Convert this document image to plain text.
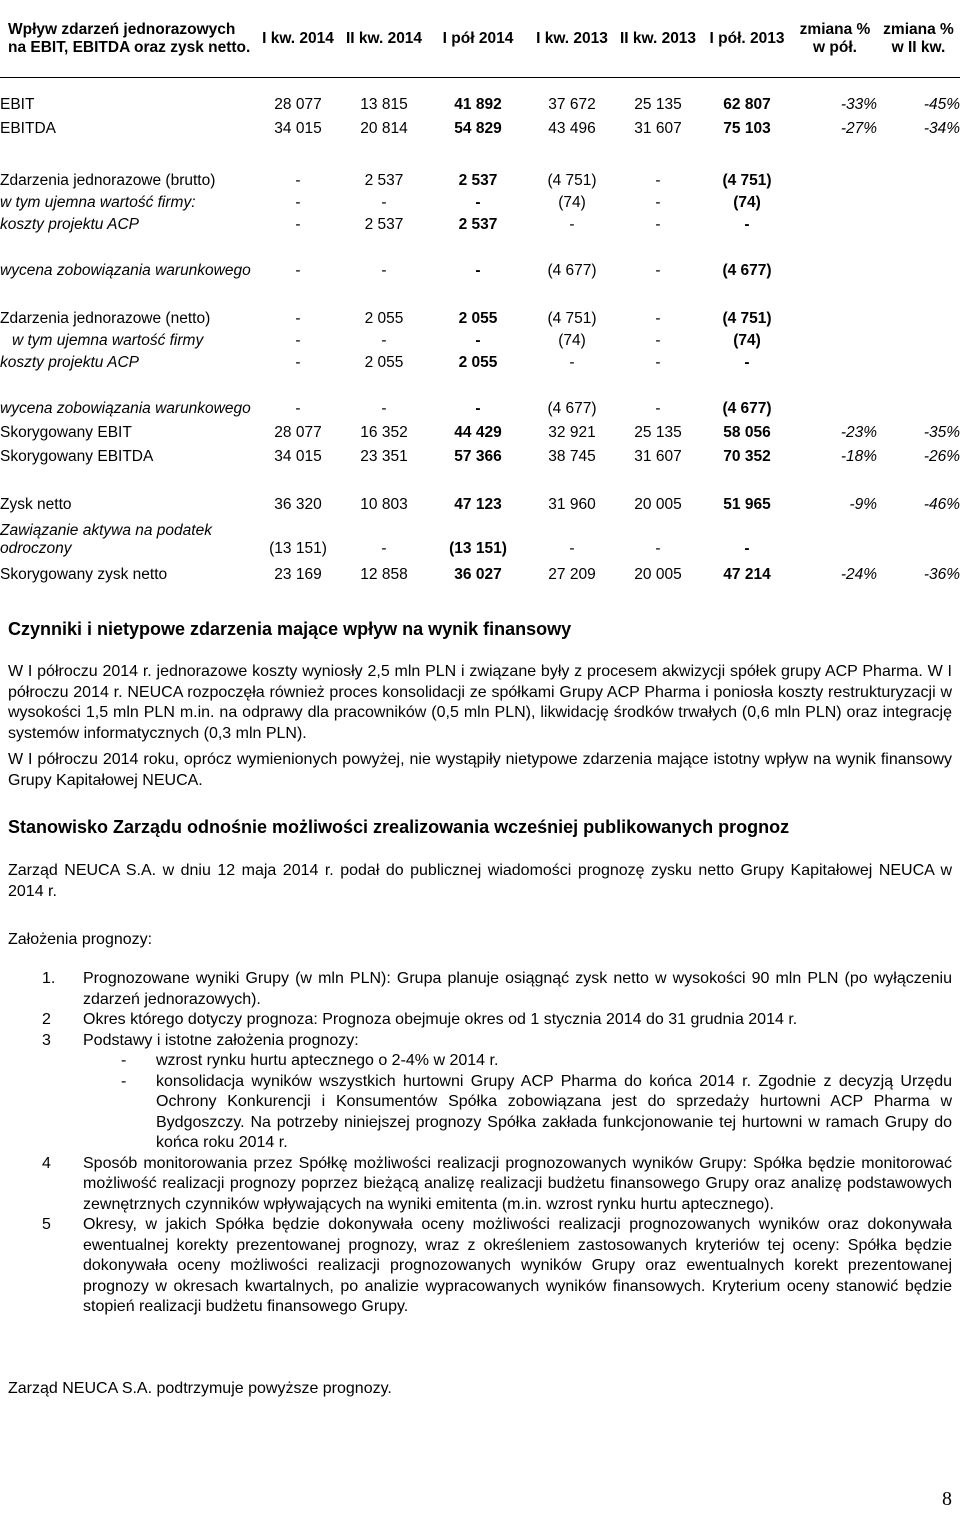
Wpływ zdarzeń jednorazowych na EBIT, EBITDA oraz zysk netto.	I kw. 2014	II kw. 2014	I pół 2014	I kw. 2013	II kw. 2013	I pół. 2013	zmiana % w pół.	zmiana % w II kw.
EBIT	28 077	13 815	41 892	37 672	25 135	62 807	-33%	-45%
EBITDA	34 015	20 814	54 829	43 496	31 607	75 103	-27%	-34%
Zdarzenia jednorazowe (brutto)	-	2 537	2 537	(4 751)	-	(4 751)		
w tym ujemna wartość firmy:	-	-	-	(74)	-	(74)		
koszty projektu ACP	-	2 537	2 537	-	-	-		
wycena zobowiązania warunkowego	-	-	-	(4 677)	-	(4 677)		
Zdarzenia jednorazowe (netto)	-	2 055	2 055	(4 751)	-	(4 751)		
w tym ujemna wartość firmy	-	-	-	(74)	-	(74)		
koszty projektu ACP	-	2 055	2 055	-	-	-		
wycena zobowiązania warunkowego	-	-	-	(4 677)	-	(4 677)		
Skorygowany EBIT	28 077	16 352	44 429	32 921	25 135	58 056	-23%	-35%
Skorygowany EBITDA	34 015	23 351	57 366	38 745	31 607	70 352	-18%	-26%
Zysk netto	36 320	10 803	47 123	31 960	20 005	51 965	-9%	-46%
Zawiązanie aktywa na podatek odroczony	(13 151)	-	(13 151)	-	-	-		
Skorygowany zysk netto	23 169	12 858	36 027	27 209	20 005	47 214	-24%	-36%
Czynniki i nietypowe zdarzenia mające wpływ na wynik finansowy

W I półroczu 2014 r. jednorazowe koszty wyniosły 2,5 mln PLN i związane były z procesem akwizycji spółek grupy ACP Pharma. W I półroczu 2014 r. NEUCA rozpoczęła również proces konsolidacji ze spółkami Grupy ACP Pharma i poniosła koszty restrukturyzacji w wysokości 1,5 mln PLN m.in. na odprawy dla pracowników (0,5 mln PLN), likwidację środków trwałych (0,6 mln PLN) oraz integrację systemów informatycznych (0,3 mln PLN).

W I półroczu 2014 roku, oprócz wymienionych powyżej, nie wystąpiły nietypowe zdarzenia mające istotny wpływ na wynik finansowy Grupy Kapitałowej NEUCA.

Stanowisko Zarządu odnośnie możliwości zrealizowania wcześniej publikowanych prognoz

Zarząd NEUCA S.A. w dniu 12 maja 2014 r. podał do publicznej wiadomości prognozę zysku netto Grupy Kapitałowej NEUCA w 2014 r.

Założenia prognozy:

1. Prognozowane wyniki Grupy (w mln PLN): Grupa planuje osiągnąć zysk netto w wysokości 90 mln PLN (po wyłączeniu zdarzeń jednorazowych).
2 Okres którego dotyczy prognoza: Prognoza obejmuje okres od 1 stycznia 2014 do 31 grudnia 2014 r.
3 Podstawy i istotne założenia prognozy:
- wzrost rynku hurtu aptecznego o 2-4% w 2014 r.
- konsolidacja wyników wszystkich hurtowni Grupy ACP Pharma do końca 2014 r. Zgodnie z decyzją Urzędu Ochrony Konkurencji i Konsumentów Spółka zobowiązana jest do sprzedaży hurtowni ACP Pharma w Bydgoszczy. Na potrzeby niniejszej prognozy Spółka zakłada funkcjonowanie tej hurtowni w ramach Grupy do końca roku 2014 r.
4 Sposób monitorowania przez Spółkę możliwości realizacji prognozowanych wyników Grupy: Spółka będzie monitorować możliwość realizacji prognozy poprzez bieżącą analizę realizacji budżetu finansowego Grupy oraz analizę podstawowych zewnętrznych czynników wpływających na wyniki emitenta (m.in. wzrost rynku hurtu aptecznego).
5 Okresy, w jakich Spółka będzie dokonywała oceny możliwości realizacji prognozowanych wyników oraz dokonywała ewentualnej korekty prezentowanej prognozy, wraz z określeniem zastosowanych kryteriów tej oceny: Spółka będzie dokonywała oceny możliwości realizacji prognozowanych wyników Grupy oraz ewentualnych korekt prezentowanej prognozy w okresach kwartalnych, po analizie wypracowanych wyników finansowych. Kryterium oceny stanowić będzie stopień realizacji budżetu finansowego Grupy.

Zarząd NEUCA S.A. podtrzymuje powyższe prognozy.

8
